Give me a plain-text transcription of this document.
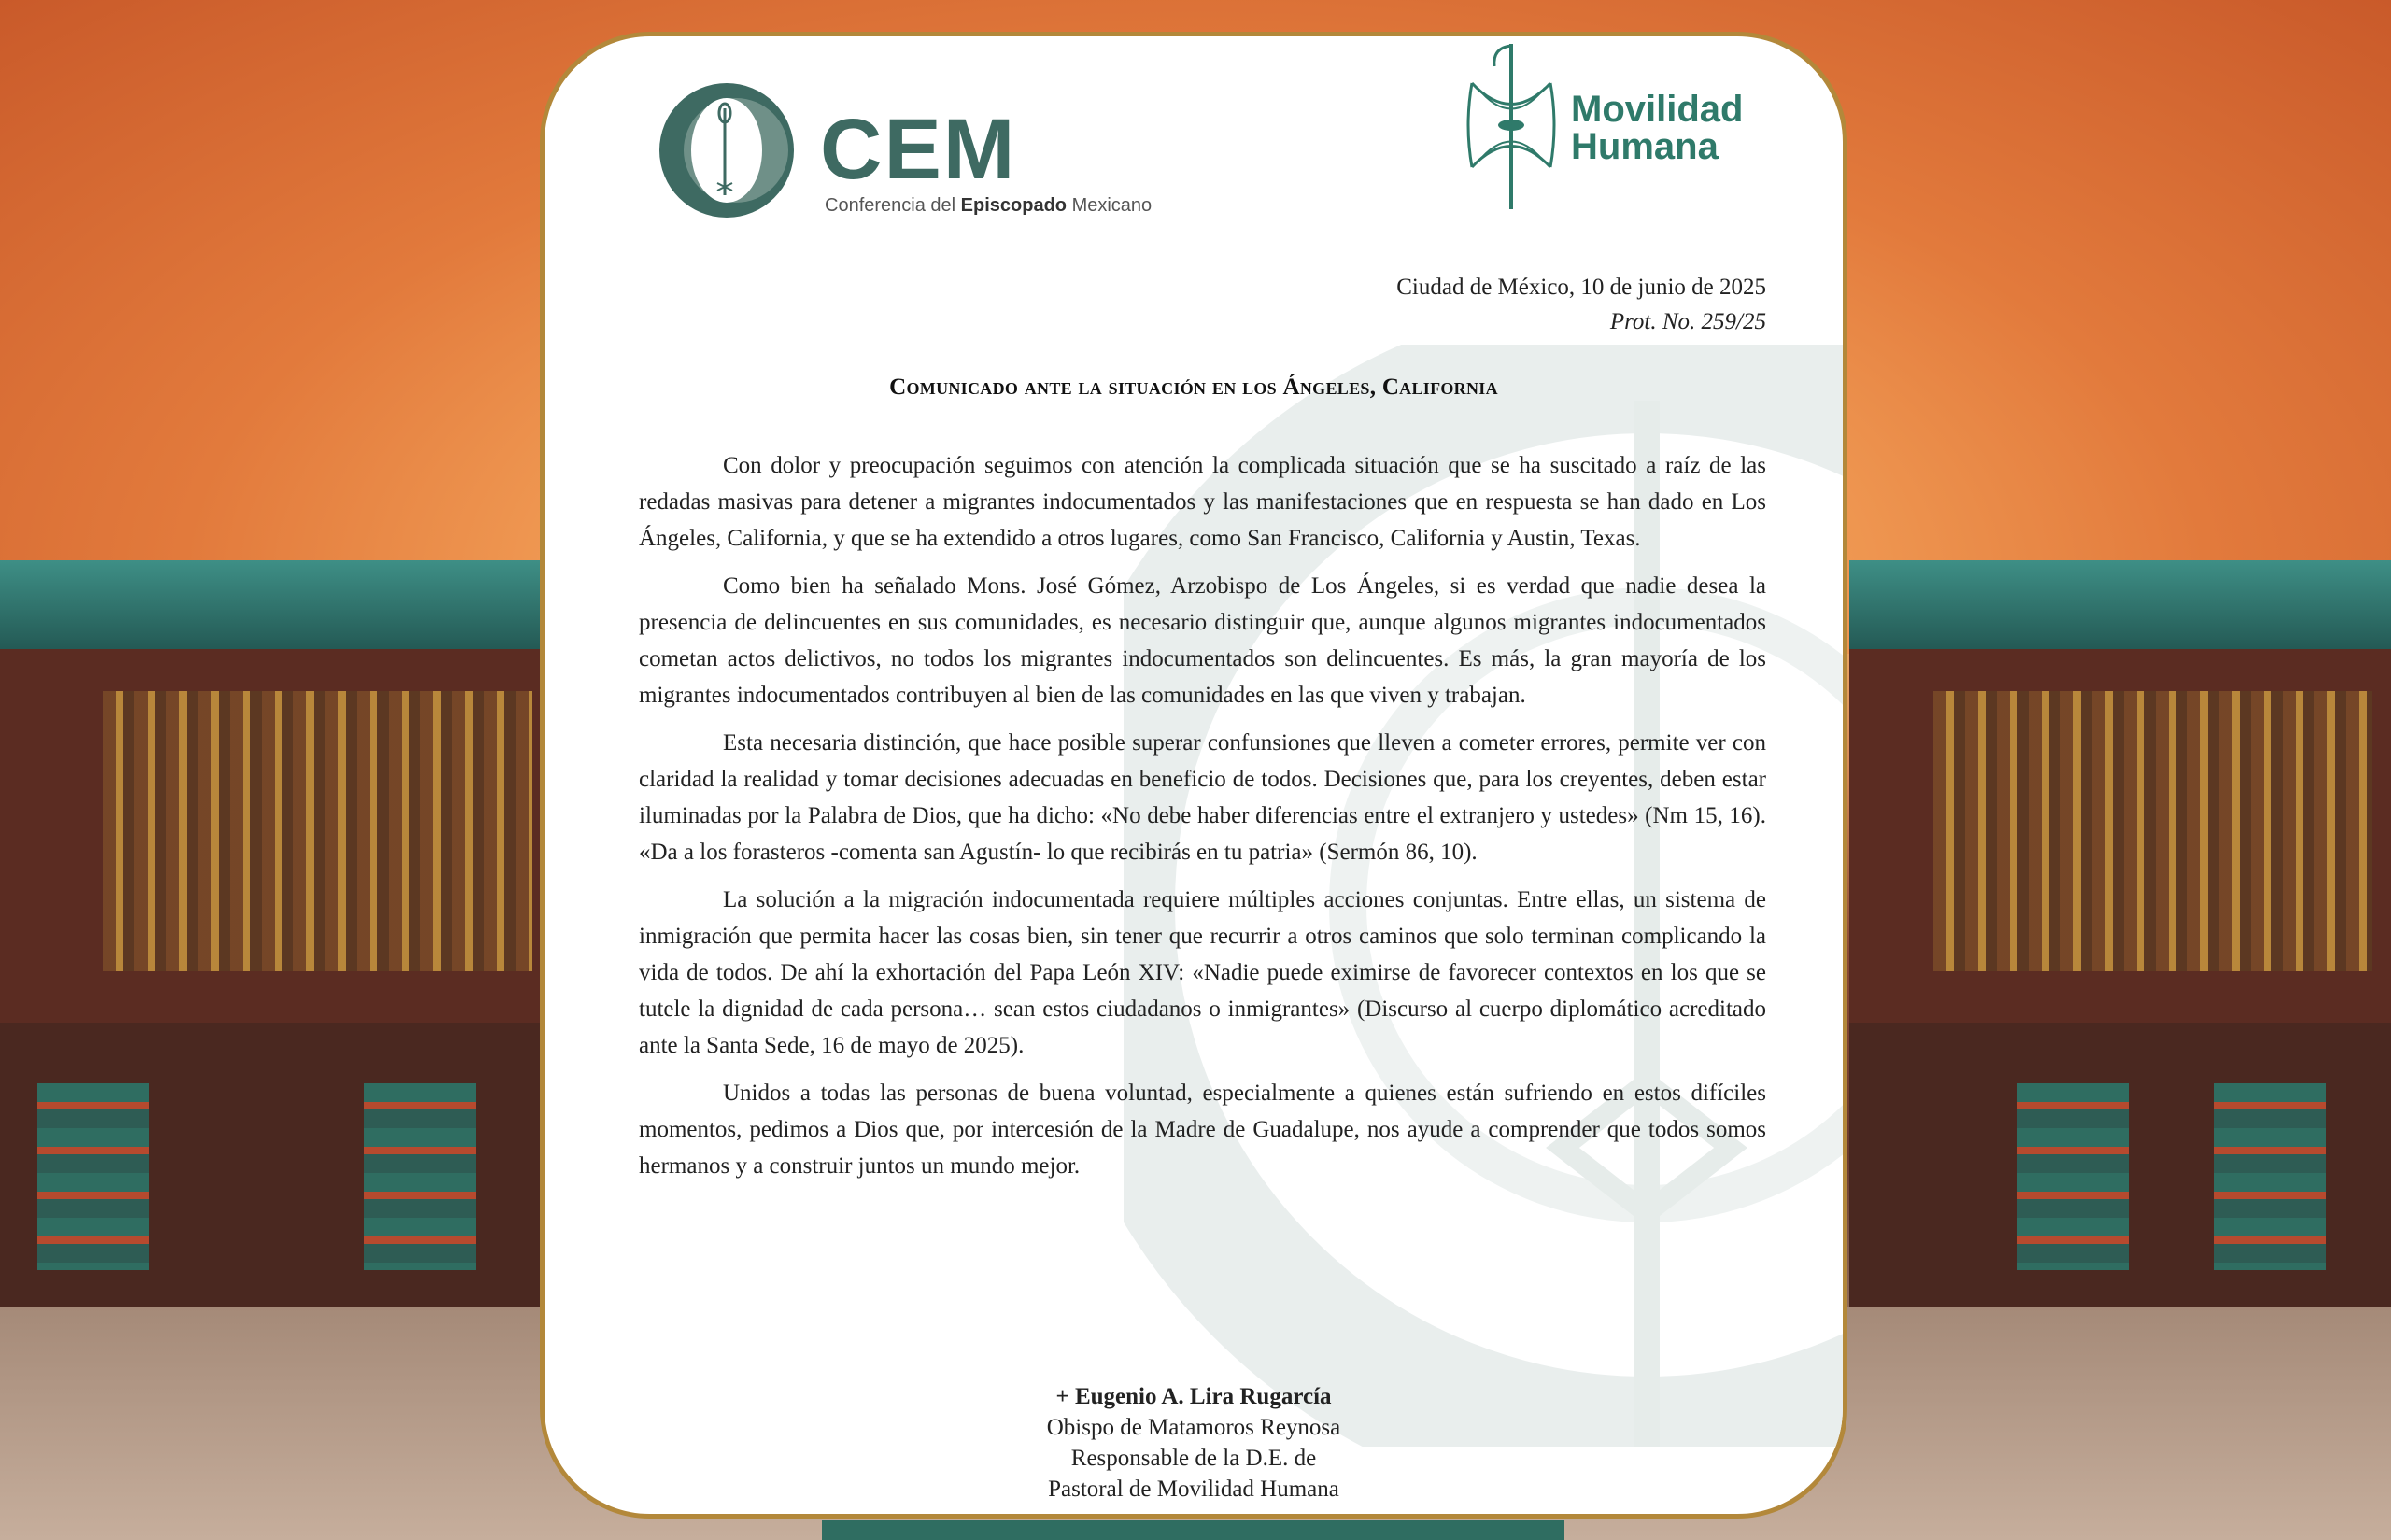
CEM
Conferencia del Episcopado Mexicano
Movilidad
Humana
Ciudad de México, 10 de junio de 2025
Prot. No. 259/25
Comunicado ante la situación en los Ángeles, California

Con dolor y preocupación seguimos con atención la complicada situación que se ha suscitado a raíz de las redadas masivas para detener a migrantes indocumentados y las manifestaciones que en respuesta se han dado en Los Ángeles, California, y que se ha extendido a otros lugares, como San Francisco, California y Austin, Texas.

Como bien ha señalado Mons. José Gómez, Arzobispo de Los Ángeles, si es verdad que nadie desea la presencia de delincuentes en sus comunidades, es necesario distinguir que, aunque algunos migrantes indocumentados cometan actos delictivos, no todos los migrantes indocumentados son delincuentes. Es más, la gran mayoría de los migrantes indocumentados contribuyen al bien de las comunidades en las que viven y trabajan.

Esta necesaria distinción, que hace posible superar confunsiones que lleven a cometer errores, permite ver con claridad la realidad y tomar decisiones adecuadas en beneficio de todos. Decisiones que, para los creyentes, deben estar iluminadas por la Palabra de Dios, que ha dicho: «No debe haber diferencias entre el extranjero y ustedes» (Nm 15, 16). «Da a los forasteros -comenta san Agustín- lo que recibirás en tu patria» (Sermón 86, 10).

La solución a la migración indocumentada requiere múltiples acciones conjuntas. Entre ellas, un sistema de inmigración que permita hacer las cosas bien, sin tener que recurrir a otros caminos que solo terminan complicando la vida de todos. De ahí la exhortación del Papa León XIV: «Nadie puede eximirse de favorecer contextos en los que se tutele la dignidad de cada persona… sean estos ciudadanos o inmigrantes» (Discurso al cuerpo diplomático acreditado ante la Santa Sede, 16 de mayo de 2025).

Unidos a todas las personas de buena voluntad, especialmente a quienes están sufriendo en estos difíciles momentos, pedimos a Dios que, por intercesión de la Madre de Guadalupe, nos ayude a comprender que todos somos hermanos y a construir juntos un mundo mejor.

+ Eugenio A. Lira Rugarcía
Obispo de Matamoros Reynosa
Responsable de la D.E. de
Pastoral de Movilidad Humana
